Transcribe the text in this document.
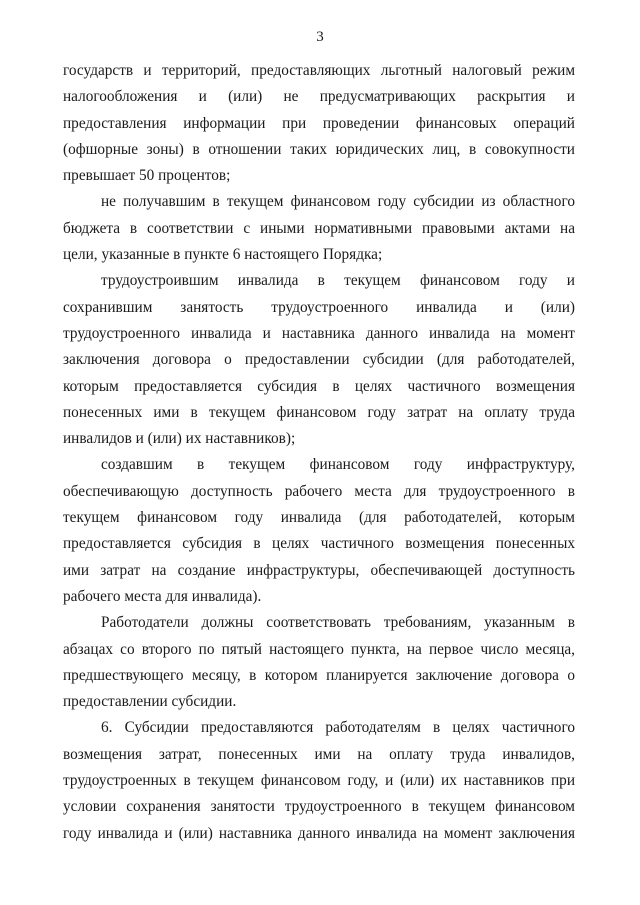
3
государств и территорий, предоставляющих льготный налоговый режим
налогообложения и (или) не предусматривающих раскрытия и
предоставления информации при проведении финансовых операций
(офшорные зоны) в отношении таких юридических лиц, в совокупности
превышает 50 процентов;
не получавшим в текущем финансовом году субсидии из областного
бюджета в соответствии с иными нормативными правовыми актами на
цели, указанные в пункте 6 настоящего Порядка;
трудоустроившим инвалида в текущем финансовом году и
сохранившим занятость трудоустроенного инвалида и (или)
трудоустроенного инвалида и наставника данного инвалида на момент
заключения договора о предоставлении субсидии (для работодателей,
которым предоставляется субсидия в целях частичного возмещения
понесенных ими в текущем финансовом году затрат на оплату труда
инвалидов и (или) их наставников);
создавшим в текущем финансовом году инфраструктуру,
обеспечивающую доступность рабочего места для трудоустроенного в
текущем финансовом году инвалида (для работодателей, которым
предоставляется субсидия в целях частичного возмещения понесенных
ими затрат на создание инфраструктуры, обеспечивающей доступность
рабочего места для инвалида).
Работодатели должны соответствовать требованиям, указанным в
абзацах со второго по пятый настоящего пункта, на первое число месяца,
предшествующего месяцу, в котором планируется заключение договора о
предоставлении субсидии.
6. Субсидии предоставляются работодателям в целях частичного
возмещения затрат, понесенных ими на оплату труда инвалидов,
трудоустроенных в текущем финансовом году, и (или) их наставников при
условии сохранения занятости трудоустроенного в текущем финансовом
году инвалида и (или) наставника данного инвалида на момент заключения
